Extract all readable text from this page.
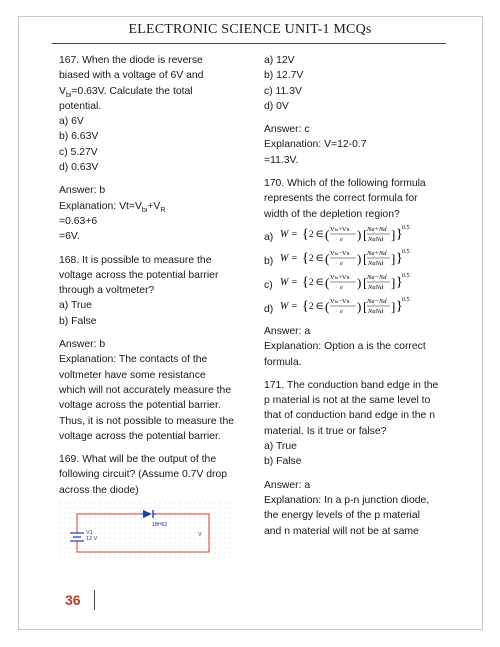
ELECTRONIC SCIENCE UNIT-1 MCQs
167. When the diode is reverse
biased with a voltage of 6V and
$V_{bi}=0.63V$. Calculate the total
potential.
a) 6V
b) 6.63V
c) 5.27V
d) 0.63V
Answer: b
Explanation: $Vt=V_{bi}+V_R$
=0.63+6
=6V.
168. It is possible to measure the
voltage across the potential barrier
through a voltmeter?
a) True
b) False
Answer: b
Explanation: The contacts of the
voltmeter have some resistance
which will not accurately measure the
voltage across the potential barrier.
Thus, it is not possible to measure the
voltage across the potential barrier.
169. What will be the output of the
following circuit? (Assume 0.7V drop
across the diode)
V1
12 V
1BH62
V
a) 12V
b) 12.7V
c) 11.3V
d) 0V
Answer: c
Explanation: V=12-0.7
=11.3V.
170. Which of the following formula
represents the correct formula for
width of the depletion region?
a) W = { 2 ∈ ( Vbi+VR
e ) [ Na+Nd
NaNd ] } 0.5
b) W = { 2 ∈ ( Vbi−VR
e ) [ Na+Nd
NaNd ] } 0.5
c) W = { 2 ∈ ( Vbi+VR
e ) [ Na−Nd
NaNd ] } 0.5
d) W = { 2 ∈ ( Vbi−VR
e ) [ Na−Nd
NaNd ] } 0.5
Answer: a
Explanation: Option a is the correct
formula.
171. The conduction band edge in the
p material is not at the same level to
that of conduction band edge in the n
material. Is it true or false?
a) True
b) False
Answer: a
Explanation: In a p-n junction diode,
the energy levels of the p material
and n material will not be at same
36
